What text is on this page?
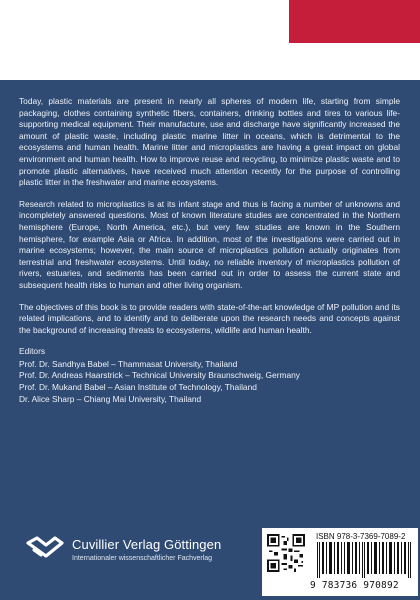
Today, plastic materials are present in nearly all spheres of modern life, starting from simple packaging, clothes containing synthetic fibers, containers, drinking bottles and tires to various life-supporting medical equipment. Their manufacture, use and discharge have significantly increased the amount of plastic waste, including plastic marine litter in oceans, which is detrimental to the ecosystems and human health. Marine litter and microplastics are having a great impact on global environment and human health. How to improve reuse and recycling, to minimize plastic waste and to promote plastic alternatives, have received much attention recently for the purpose of controlling plastic litter in the freshwater and marine ecosystems.

Research related to microplastics is at its infant stage and thus is facing a number of unknowns and incompletely answered questions. Most of known literature studies are concentrated in the Northern hemisphere (Europe, North America, etc.), but very few studies are known in the Southern hemisphere, for example Asia or Africa. In addition, most of the investigations were carried out in marine ecosystems; however, the main source of microplastics pollution actually originates from terrestrial and freshwater ecosystems. Until today, no reliable inventory of microplastics pollution of rivers, estuaries, and sediments has been carried out in order to assess the current state and subsequent health risks to human and other living organism.

The objectives of this book is to provide readers with state-of-the-art knowledge of MP pollution and its related implications, and to identify and to deliberate upon the research needs and concepts against the background of increasing threats to ecosystems, wildlife and human health.

Editors
Prof. Dr. Sandhya Babel – Thammasat University, Thailand
Prof. Dr. Andreas Haarstrick – Technical University Braunschweig, Germany
Prof. Dr. Mukand Babel – Asian Institute of Technology, Thailand
Dr. Alice Sharp – Chiang Mai University, Thailand
Cuvillier Verlag Göttingen
Internationaler wissenschaftlicher Fachverlag
ISBN 978-3-7369-7089-2
9 783736 970892
